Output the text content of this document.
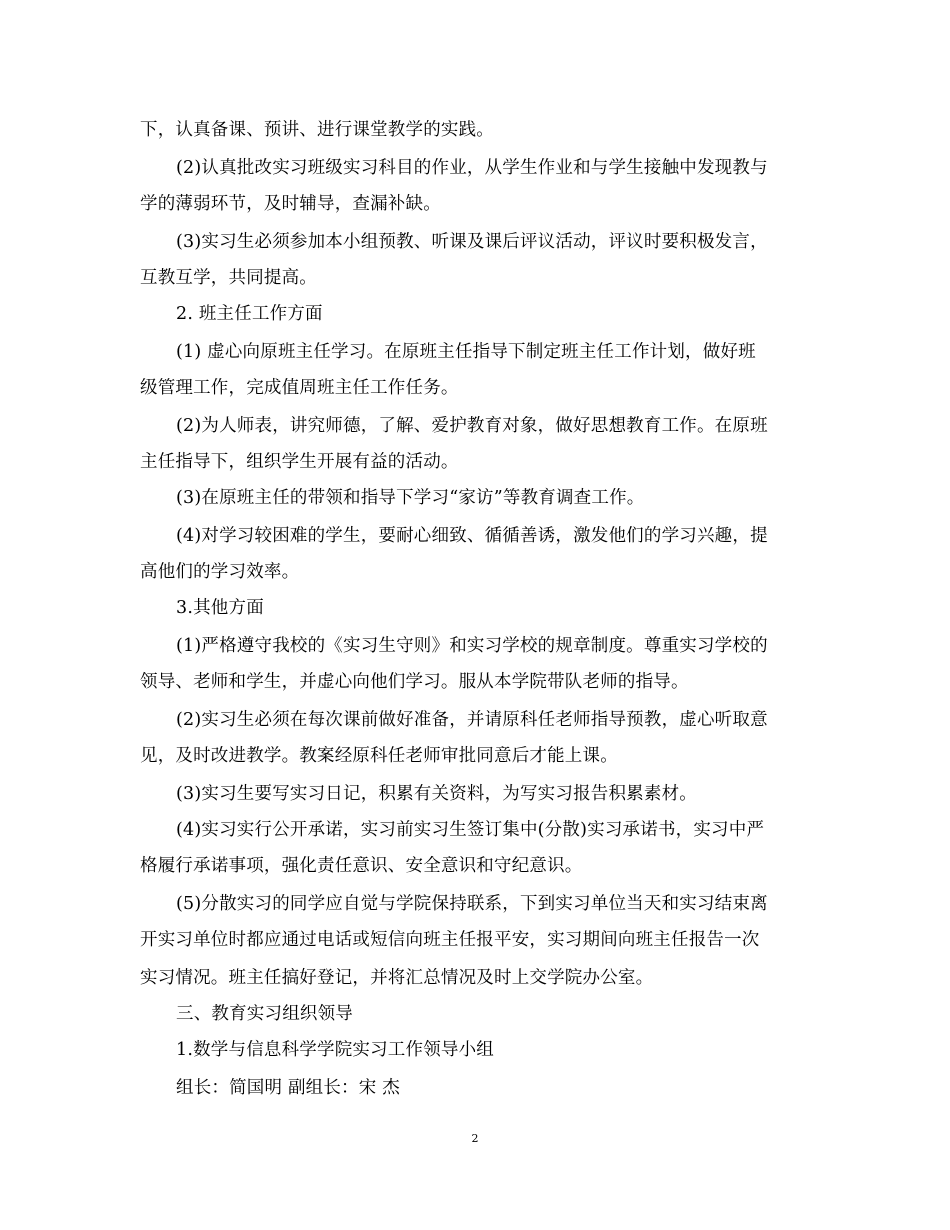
下，认真备课、预讲、进行课堂教学的实践。
(2)认真批改实习班级实习科目的作业，从学生作业和与学生接触中发现教与
学的薄弱环节，及时辅导，查漏补缺。
(3)实习生必须参加本小组预教、听课及课后评议活动，评议时要积极发言，
互教互学，共同提高。
2. 班主任工作方面
(1) 虚心向原班主任学习。在原班主任指导下制定班主任工作计划，做好班
级管理工作，完成值周班主任工作任务。
(2)为人师表，讲究师德，了解、爱护教育对象，做好思想教育工作。在原班
主任指导下，组织学生开展有益的活动。
(3)在原班主任的带领和指导下学习“家访”等教育调查工作。
(4)对学习较困难的学生，要耐心细致、循循善诱，激发他们的学习兴趣，提
高他们的学习效率。
3.其他方面
(1)严格遵守我校的《实习生守则》和实习学校的规章制度。尊重实习学校的
领导、老师和学生，并虚心向他们学习。服从本学院带队老师的指导。
(2)实习生必须在每次课前做好准备，并请原科任老师指导预教，虚心听取意
见，及时改进教学。教案经原科任老师审批同意后才能上课。
(3)实习生要写实习日记，积累有关资料，为写实习报告积累素材。
(4)实习实行公开承诺，实习前实习生签订集中(分散)实习承诺书，实习中严
格履行承诺事项，强化责任意识、安全意识和守纪意识。
(5)分散实习的同学应自觉与学院保持联系，下到实习单位当天和实习结束离
开实习单位时都应通过电话或短信向班主任报平安，实习期间向班主任报告一次
实习情况。班主任搞好登记，并将汇总情况及时上交学院办公室。
三、教育实习组织领导
1.数学与信息科学学院实习工作领导小组
组长：简国明 副组长：宋 杰
2
